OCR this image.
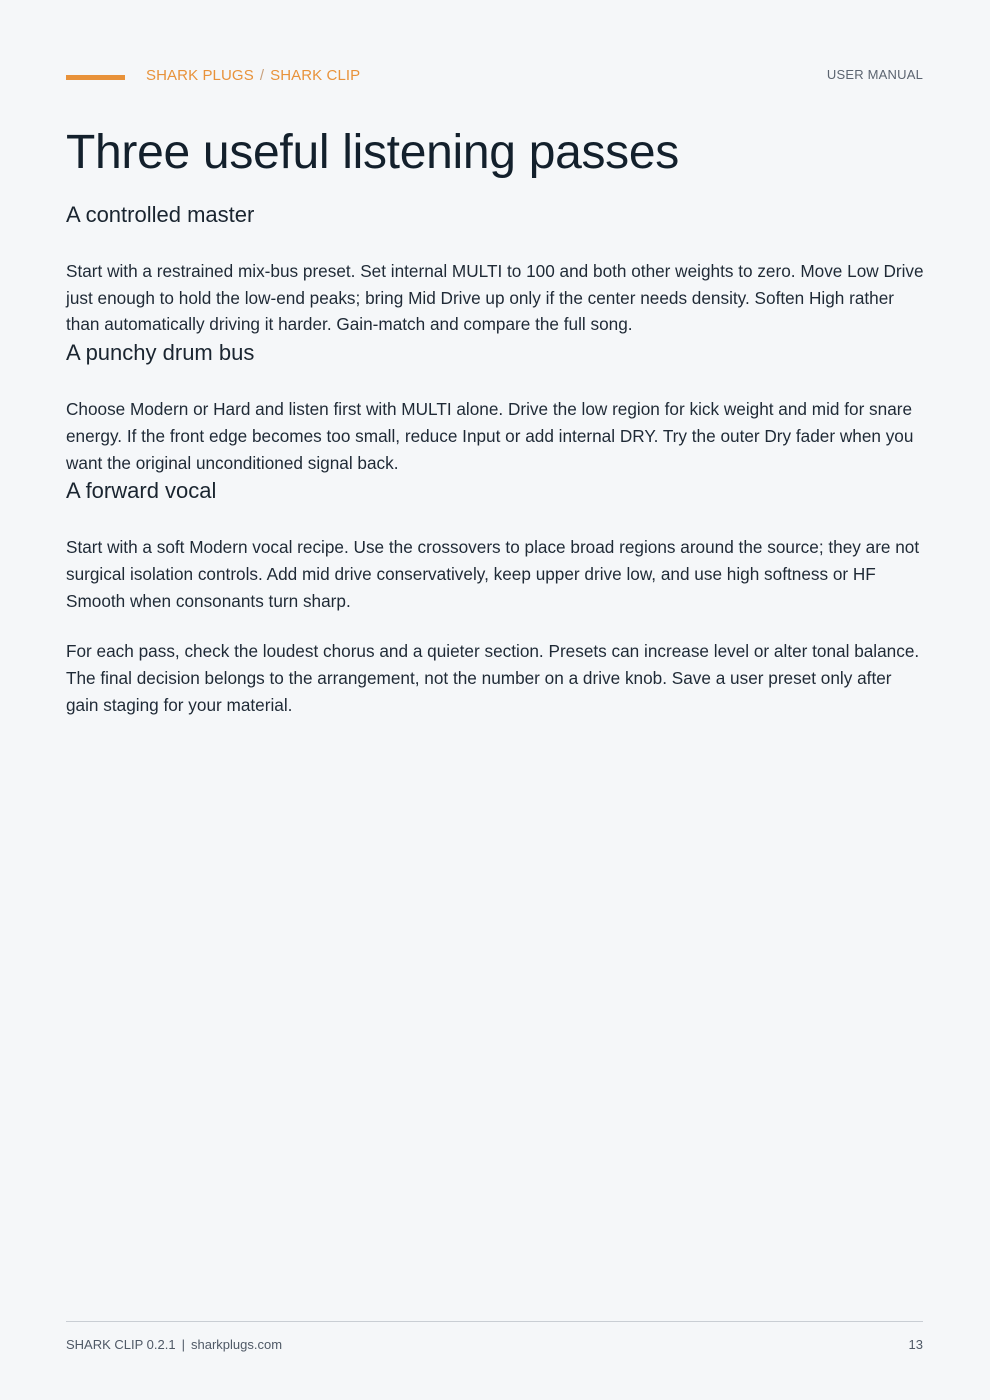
SHARK PLUGS / SHARK CLIP	USER MANUAL
Three useful listening passes
A controlled master

Start with a restrained mix-bus preset. Set internal MULTI to 100 and both other weights to zero. Move Low Drive just enough to hold the low-end peaks; bring Mid Drive up only if the center needs density. Soften High rather than automatically driving it harder. Gain-match and compare the full song.

A punchy drum bus

Choose Modern or Hard and listen first with MULTI alone. Drive the low region for kick weight and mid for snare energy. If the front edge becomes too small, reduce Input or add internal DRY. Try the outer Dry fader when you want the original unconditioned signal back.

A forward vocal

Start with a soft Modern vocal recipe. Use the crossovers to place broad regions around the source; they are not surgical isolation controls. Add mid drive conservatively, keep upper drive low, and use high softness or HF Smooth when consonants turn sharp.

For each pass, check the loudest chorus and a quieter section. Presets can increase level or alter tonal balance. The final decision belongs to the arrangement, not the number on a drive knob. Save a user preset only after gain staging for your material.

SHARK CLIP 0.2.1 | sharkplugs.com	13
